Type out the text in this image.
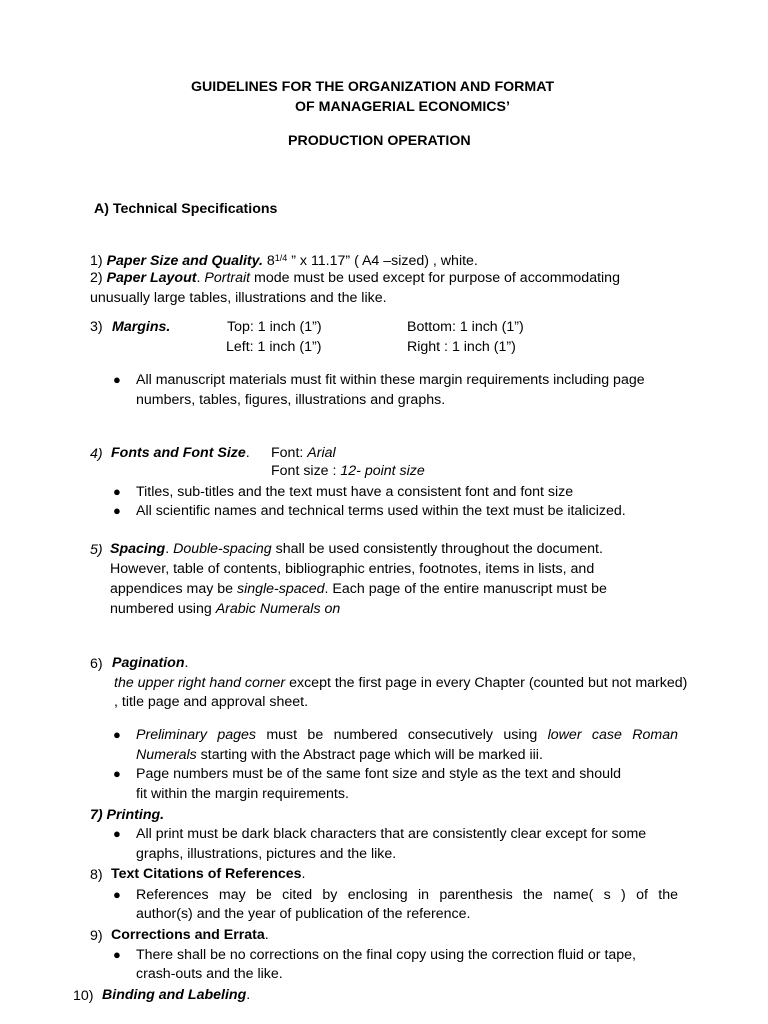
GUIDELINES FOR THE ORGANIZATION AND FORMAT
OF MANAGERIAL ECONOMICS’
PRODUCTION OPERATION
A) Technical Specifications
1) Paper Size and Quality. $8^{1/4}$ ” x 11.17” ( A4 –sized) , white.
2) Paper Layout. Portrait mode must be used except for purpose of accommodating
unusually large tables, illustrations and the like.
3) Margins.	Top: 1 inch (1”)	Bottom: 1 inch (1”)
Left: 1 inch (1”)	Right : 1 inch (1”)
● All manuscript materials must fit within these margin requirements including page
numbers, tables, figures, illustrations and graphs.
4) Fonts and Font Size. Font: Arial
Font size : 12- point size
● Titles, sub-titles and the text must have a consistent font and font size
● All scientific names and technical terms used within the text must be italicized.
5) Spacing. Double-spacing shall be used consistently throughout the document.
However, table of contents, bibliographic entries, footnotes, items in lists, and
appendices may be single-spaced. Each page of the entire manuscript must be
numbered using Arabic Numerals on
6) Pagination.
the upper right hand corner except the first page in every Chapter (counted but not marked)
, title page and approval sheet.
● Preliminary pages must be numbered consecutively using lower case Roman
Numerals starting with the Abstract page which will be marked iii.
● Page numbers must be of the same font size and style as the text and should
fit within the margin requirements.
7) Printing.
● All print must be dark black characters that are consistently clear except for some
graphs, illustrations, pictures and the like.
8) Text Citations of References.
● References may be cited by enclosing in parenthesis the name( s ) of the
author(s) and the year of publication of the reference.
9) Corrections and Errata.
● There shall be no corrections on the final copy using the correction fluid or tape,
crash-outs and the like.
10) Binding and Labeling.
